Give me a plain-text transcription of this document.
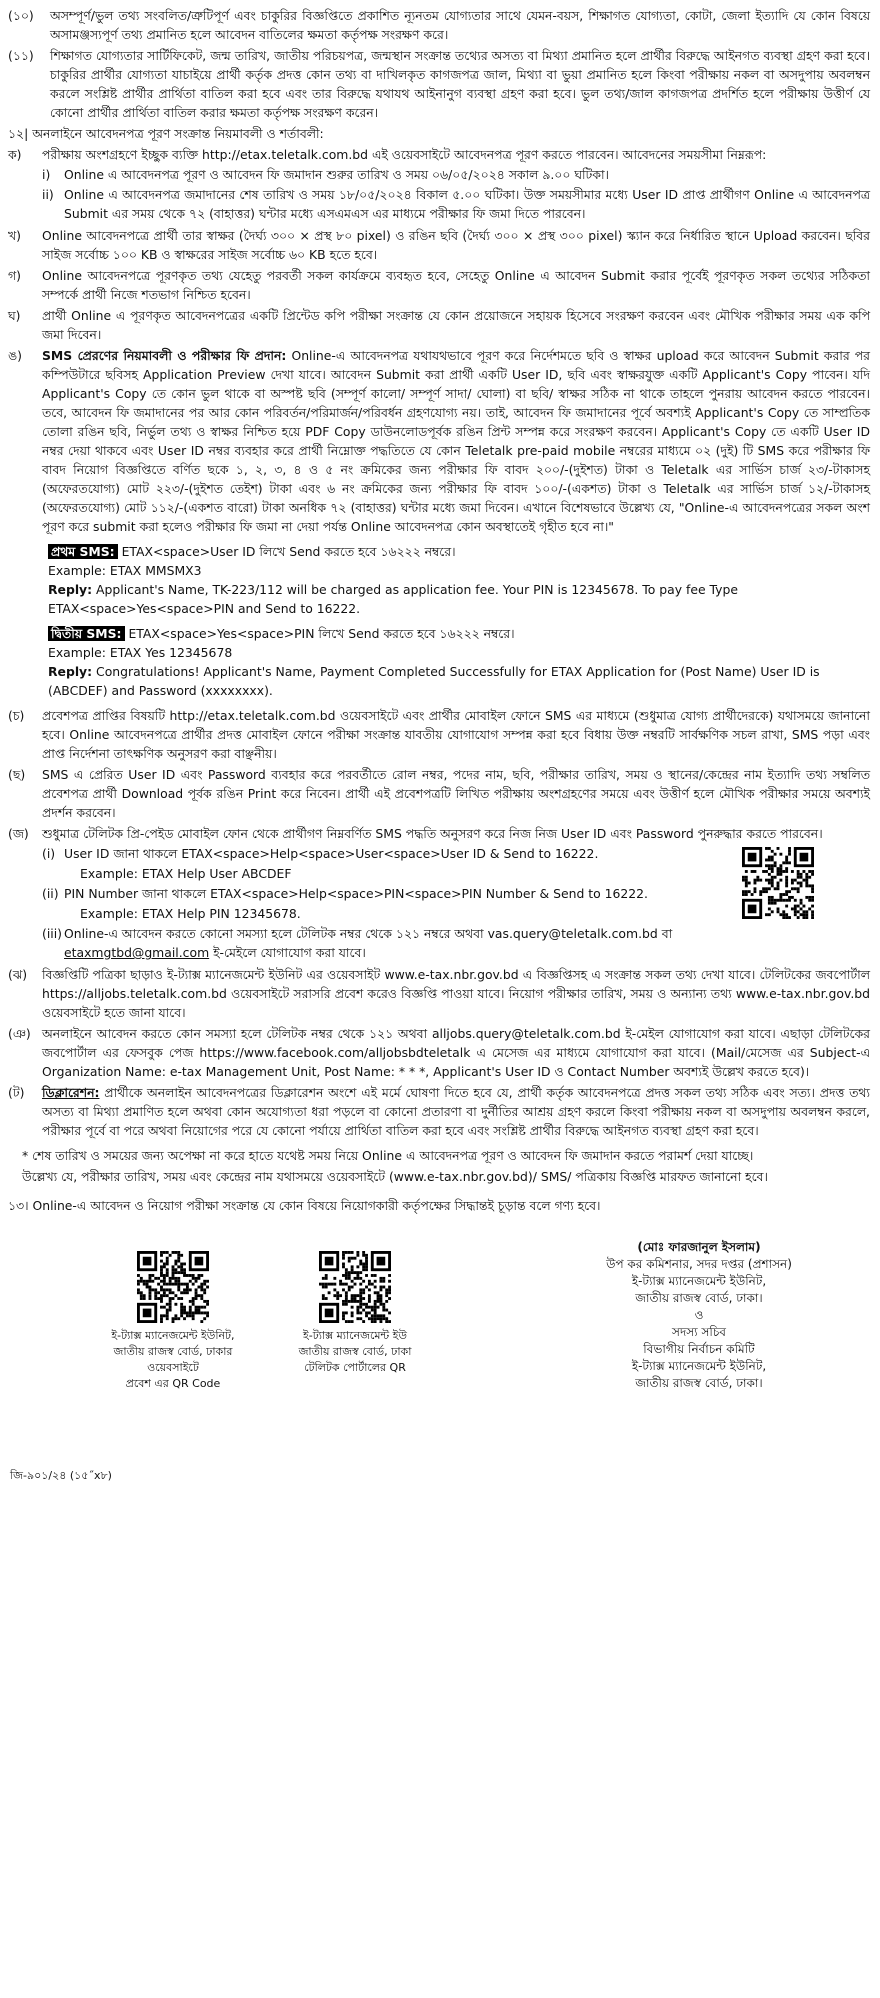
(১০)	অসম্পূর্ণ/ভুল তথ্য সংবলিত/ত্রুটিপূর্ণ এবং চাকুরির বিজ্ঞপ্তিতে প্রকাশিত ন্যূনতম যোগ্যতার সাথে যেমন-বয়স, শিক্ষাগত যোগ্যতা, কোটা, জেলা ইত্যাদি যে কোন বিষয়ে অসামঞ্জস্যপূর্ণ তথ্য প্রমানিত হলে আবেদন বাতিলের ক্ষমতা কর্তৃপক্ষ সংরক্ষণ করে।
(১১)	শিক্ষাগত যোগ্যতার সার্টিফিকেট, জন্ম তারিখ, জাতীয় পরিচয়পত্র, জন্মস্থান সংক্রান্ত তথ্যের অসত্য বা মিথ্যা প্রমানিত হলে প্রার্থীর বিরুদ্ধে আইনগত ব্যবস্থা গ্রহণ করা হবে। চাকুরির প্রার্থীর যোগ্যতা যাচাইয়ে প্রার্থী কর্তৃক প্রদত্ত কোন তথ্য বা দাখিলকৃত কাগজপত্র জাল, মিথ্যা বা ভুয়া প্রমানিত হলে কিংবা পরীক্ষায় নকল বা অসদুপায় অবলম্বন করলে সংশ্লিষ্ট প্রার্থীর প্রার্থিতা বাতিল করা হবে এবং তার বিরুদ্ধে যথাযথ আইনানুগ ব্যবস্থা গ্রহণ করা হবে। ভুল তথ্য/জাল কাগজপত্র প্রদর্শিত হলে পরীক্ষায় উত্তীর্ণ যে কোনো প্রার্থীর প্রার্থিতা বাতিল করার ক্ষমতা কর্তৃপক্ষ সংরক্ষণ করেন।
১২| অনলাইনে আবেদনপত্র পূরণ সংক্রান্ত নিয়মাবলী ও শর্তাবলী:
ক)	পরীক্ষায় অংশগ্রহণে ইচ্ছুক ব্যক্তি http://etax.teletalk.com.bd এই ওয়েবসাইটে আবেদনপত্র পূরণ করতে পারবেন। আবেদনের সময়সীমা নিম্নরূপ:
i)	Online এ আবেদনপত্র পূরণ ও আবেদন ফি জমাদান শুরুর তারিখ ও সময় ০৬/০৫/২০২৪ সকাল ৯.০০ ঘটিকা।
ii) Online এ আবেদনপত্র জমাদানের শেষ তারিখ ও সময় ১৮/০৫/২০২৪ বিকাল ৫.০০ ঘটিকা। উক্ত সময়সীমার মধ্যে User ID প্রাপ্ত প্রার্থীগণ Online এ আবেদনপত্র Submit এর সময় থেকে ৭২ (বাহাত্তর) ঘন্টার মধ্যে এসএমএস এর মাধ্যমে পরীক্ষার ফি জমা দিতে পারবেন।
খ)	Online আবেদনপত্রে প্রার্থী তার স্বাক্ষর (দৈর্ঘ্য ৩০০ × প্রস্থ ৮০ pixel) ও রঙিন ছবি (দৈর্ঘ্য ৩০০ × প্রস্থ ৩০০ pixel) স্ক্যান করে নির্ধারিত স্থানে Upload করবেন। ছবির সাইজ সর্বোচ্চ ১০০ KB ও স্বাক্ষরের সাইজ সর্বোচ্চ ৬০ KB হতে হবে।
গ)	Online আবেদনপত্রে পূরণকৃত তথ্য যেহেতু পরবর্তী সকল কার্যক্রমে ব্যবহৃত হবে, সেহেতু Online এ আবেদন Submit করার পূর্বেই পূরণকৃত সকল তথ্যের সঠিকতা সম্পর্কে প্রার্থী নিজে শতভাগ নিশ্চিত হবেন।
ঘ)	প্রার্থী Online এ পূরণকৃত আবেদনপত্রের একটি প্রিন্টেড কপি পরীক্ষা সংক্রান্ত যে কোন প্রয়োজনে সহায়ক হিসেবে সংরক্ষণ করবেন এবং মৌখিক পরীক্ষার সময় এক কপি জমা দিবেন।
ঙ)	SMS প্রেরণের নিয়মাবলী ও পরীক্ষার ফি প্রদান: Online-এ আবেদনপত্র যথাযথভাবে পূরণ করে নির্দেশমতে ছবি ও স্বাক্ষর upload করে আবেদন Submit করার পর কম্পিউটারে ছবিসহ Application Preview দেখা যাবে। আবেদন Submit করা প্রার্থী একটি User ID, ছবি এবং স্বাক্ষরযুক্ত একটি Applicant's Copy পাবেন। যদি Applicant's Copy তে কোন ভুল থাকে বা অস্পষ্ট ছবি (সম্পূর্ণ কালো/ সম্পূর্ণ সাদা/ ঘোলা) বা ছবি/ স্বাক্ষর সঠিক না থাকে তাহলে পুনরায় আবেদন করতে পারবেন। তবে, আবেদন ফি জমাদানের পর আর কোন পরিবর্তন/পরিমার্জন/পরিবর্ধন গ্রহণযোগ্য নয়। তাই, আবেদন ফি জমাদানের পূর্বে অবশ্যই Applicant's Copy তে সাম্প্রতিক তোলা রঙিন ছবি, নির্ভুল তথ্য ও স্বাক্ষর নিশ্চিত হয়ে PDF Copy ডাউনলোডপূর্বক রঙিন প্রিন্ট সম্পন্ন করে সংরক্ষণ করবেন। Applicant's Copy তে একটি User ID নম্বর দেয়া থাকবে এবং User ID নম্বর ব্যবহার করে প্রার্থী নিম্নোক্ত পদ্ধতিতে যে কোন Teletalk pre-paid mobile নম্বরের মাধ্যমে ০২ (দুই) টি SMS করে পরীক্ষার ফি বাবদ নিয়োগ বিজ্ঞপ্তিতে বর্ণিত ছকে ১, ২, ৩, ৪ ও ৫ নং ক্রমিকের জন্য পরীক্ষার ফি বাবদ ২০০/-(দুইশত) টাকা ও Teletalk এর সার্ভিস চার্জ ২৩/-টাকাসহ (অফেরতযোগ্য) মোট ২২৩/-(দুইশত তেইশ) টাকা এবং ৬ নং ক্রমিকের জন্য পরীক্ষার ফি বাবদ ১০০/-(একশত) টাকা ও Teletalk এর সার্ভিস চার্জ ১২/-টাকাসহ (অফেরতযোগ্য) মোট ১১২/-(একশত বারো) টাকা অনধিক ৭২ (বাহাত্তর) ঘন্টার মধ্যে জমা দিবেন। এখানে বিশেষভাবে উল্লেখ্য যে, "Online-এ আবেদনপত্রের সকল অংশ পূরণ করে submit করা হলেও পরীক্ষার ফি জমা না দেয়া পর্যন্ত Online আবেদনপত্র কোন অবস্থাতেই গৃহীত হবে না।"
প্রথম SMS: ETAX<space>User ID লিখে Send করতে হবে ১৬২২২ নম্বরে।
Example: ETAX MMSMX3
Reply: Applicant's Name, TK-223/112 will be charged as application fee. Your PIN is 12345678. To pay fee Type ETAX<space>Yes<space>PIN and Send to 16222.
দ্বিতীয় SMS: ETAX<space>Yes<space>PIN লিখে Send করতে হবে ১৬২২২ নম্বরে।
Example: ETAX Yes 12345678
Reply: Congratulations! Applicant's Name, Payment Completed Successfully for ETAX Application for (Post Name) User ID is (ABCDEF) and Password (xxxxxxxx).
(চ)	প্রবেশপত্র প্রাপ্তির বিষয়টি http://etax.teletalk.com.bd ওয়েবসাইটে এবং প্রার্থীর মোবাইল ফোনে SMS এর মাধ্যমে (শুধুমাত্র যোগ্য প্রার্থীদেরকে) যথাসময়ে জানানো হবে। Online আবেদনপত্রে প্রার্থীর প্রদত্ত মোবাইল ফোনে পরীক্ষা সংক্রান্ত যাবতীয় যোগাযোগ সম্পন্ন করা হবে বিধায় উক্ত নম্বরটি সার্বক্ষণিক সচল রাখা, SMS পড়া এবং প্রাপ্ত নির্দেশনা তাৎক্ষণিক অনুসরণ করা বাঞ্ছনীয়।
(ছ)	SMS এ প্রেরিত User ID এবং Password ব্যবহার করে পরবর্তীতে রোল নম্বর, পদের নাম, ছবি, পরীক্ষার তারিখ, সময় ও স্থানের/কেন্দ্রের নাম ইত্যাদি তথ্য সম্বলিত প্রবেশপত্র প্রার্থী Download পূর্বক রঙিন Print করে নিবেন। প্রার্থী এই প্রবেশপত্রটি লিখিত পরীক্ষায় অংশগ্রহণের সময়ে এবং উত্তীর্ণ হলে মৌখিক পরীক্ষার সময়ে অবশ্যই প্রদর্শন করবেন।
(জ)	শুধুমাত্র টেলিটক প্রি-পেইড মোবাইল ফোন থেকে প্রার্থীগণ নিম্নবর্ণিত SMS পদ্ধতি অনুসরণ করে নিজ নিজ User ID এবং Password পুনরুদ্ধার করতে পারবেন।
(i) User ID জানা থাকলে ETAX<space>Help<space>User<space>User ID & Send to 16222.
Example: ETAX Help User ABCDEF
(ii) PIN Number জানা থাকলে ETAX<space>Help<space>PIN<space>PIN Number & Send to 16222.
Example: ETAX Help PIN 12345678.
(iii) Online-এ আবেদন করতে কোনো সমস্যা হলে টেলিটক নম্বর থেকে ১২১ নম্বরে অথবা vas.query@teletalk.com.bd বা
etaxmgtbd@gmail.com ই-মেইলে যোগাযোগ করা যাবে।
(ঝ)	বিজ্ঞপ্তিটি পত্রিকা ছাড়াও ই-ট্যাক্স ম্যানেজমেন্ট ইউনিট এর ওয়েবসাইট www.e-tax.nbr.gov.bd এ বিজ্ঞপ্তিসহ এ সংক্রান্ত সকল তথ্য দেখা যাবে। টেলিটকের জবপোর্টাল https://alljobs.teletalk.com.bd ওয়েবসাইটে সরাসরি প্রবেশ করেও বিজ্ঞপ্তি পাওয়া যাবে। নিয়োগ পরীক্ষার তারিখ, সময় ও অন্যান্য তথ্য www.e-tax.nbr.gov.bd ওয়েবসাইটে হতে জানা যাবে।
(ঞ) অনলাইনে আবেদন করতে কোন সমস্যা হলে টেলিটক নম্বর থেকে ১২১ অথবা alljobs.query@teletalk.com.bd ই-মেইল যোগাযোগ করা যাবে। এছাড়া টেলিটকের জবপোর্টাল এর ফেসবুক পেজ https://www.facebook.com/alljobsbdteletalk এ মেসেজ এর মাধ্যমে যোগাযোগ করা যাবে। (Mail/মেসেজ এর Subject-এ Organization Name: e-tax Management Unit, Post Name: * * *, Applicant's User ID ও Contact Number অবশ্যই উল্লেখ করতে হবে)।
(ট)	ডিক্লারেশন: প্রার্থীকে অনলাইন আবেদনপত্রের ডিক্লারেশন অংশে এই মর্মে ঘোষণা দিতে হবে যে, প্রার্থী কর্তৃক আবেদনপত্রে প্রদত্ত সকল তথ্য সঠিক এবং সত্য। প্রদত্ত তথ্য অসত্য বা মিথ্যা প্রমাণিত হলে অথবা কোন অযোগ্যতা ধরা পড়লে বা কোনো প্রতারণা বা দুর্নীতির আশ্রয় গ্রহণ করলে কিংবা পরীক্ষায় নকল বা অসদুপায় অবলম্বন করলে, পরীক্ষার পূর্বে বা পরে অথবা নিয়োগের পরে যে কোনো পর্যায়ে প্রার্থিতা বাতিল করা হবে এবং সংশ্লিষ্ট প্রার্থীর বিরুদ্ধে আইনগত ব্যবস্থা গ্রহণ করা হবে।
* শেষ তারিখ ও সময়ের জন্য অপেক্ষা না করে হাতে যথেষ্ট সময় নিয়ে Online এ আবেদনপত্র পূরণ ও আবেদন ফি জমাদান করতে পরামর্শ দেয়া যাচ্ছে।
উল্লেখ্য যে, পরীক্ষার তারিখ, সময় এবং কেন্দ্রের নাম যথাসময়ে ওয়েবসাইটে (www.e-tax.nbr.gov.bd)/ SMS/ পত্রিকায় বিজ্ঞপ্তি মারফত জানানো হবে।
১৩। Online-এ আবেদন ও নিয়োগ পরীক্ষা সংক্রান্ত যে কোন বিষয়ে নিয়োগকারী কর্তৃপক্ষের সিদ্ধান্তই চূড়ান্ত বলে গণ্য হবে।
ই-ট্যাক্স ম্যানেজমেন্ট ইউনিট,
জাতীয় রাজস্ব বোর্ড, ঢাকার
ওয়েবসাইটে
প্রবেশ এর QR Code
ই-ট্যাক্স ম্যানেজমেন্ট ইউ
জাতীয় রাজস্ব বোর্ড, ঢাকা
টেলিটক পোর্টালের QR
(মোঃ ফারজানুল ইসলাম)
উপ কর কমিশনার, সদর দপ্তর (প্রশাসন)
ই-ট্যাক্স ম্যানেজমেন্ট ইউনিট,
জাতীয় রাজস্ব বোর্ড, ঢাকা।
ও
সদস্য সচিব
বিভাগীয় নির্বাচন কমিটি
ই-ট্যাক্স ম্যানেজমেন্ট ইউনিট,
জাতীয় রাজস্ব বোর্ড, ঢাকা।
জি-৯০১/২৪ (১৫˝x৮)
